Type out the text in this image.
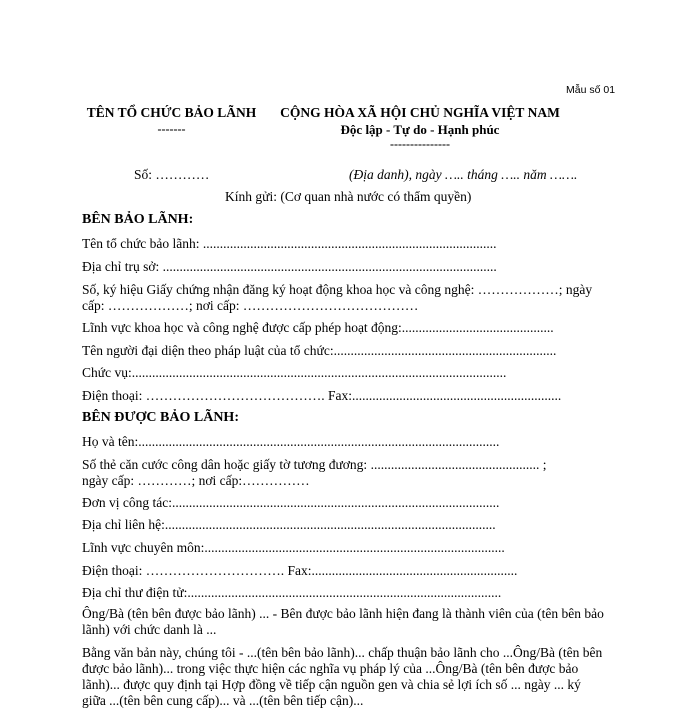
Mẫu số 01
TÊN TỔ CHỨC BẢO LÃNH
-------
CỘNG HÒA XÃ HỘI CHỦ NGHĨA VIỆT NAM
Độc lập - Tự do - Hạnh phúc
---------------
Số: …………	(Địa danh), ngày ….. tháng ….. năm …….
Kính gửi: (Cơ quan nhà nước có thẩm quyền)
BÊN BẢO LÃNH:
Tên tổ chức bảo lãnh: .......................................................................................
Địa chỉ trụ sở: ...................................................................................................
Số, ký hiệu Giấy chứng nhận đăng ký hoạt động khoa học và công nghệ: ………………; ngày
cấp: ………………; nơi cấp: …………………………………
Lĩnh vực khoa học và công nghệ được cấp phép hoạt động:.............................................
Tên người đại diện theo pháp luật của tổ chức:..................................................................
Chức vụ:...............................................................................................................
Điện thoại: …………………………………. Fax:..............................................................
BÊN ĐƯỢC BẢO LÃNH:
Họ và tên:...........................................................................................................
Số thẻ căn cước công dân hoặc giấy tờ tương đương: .................................................. ;
ngày cấp: …………; nơi cấp:……………
Đơn vị công tác:.................................................................................................
Địa chỉ liên hệ:..................................................................................................
Lĩnh vực chuyên môn:.........................................................................................
Điện thoại: …………………………. Fax:.............................................................
Địa chỉ thư điện tử:.............................................................................................
Ông/Bà (tên bên được bảo lãnh) ... - Bên được bảo lãnh hiện đang là thành viên của (tên bên bảo lãnh) với chức danh là ...
Bằng văn bản này, chúng tôi - ...(tên bên bảo lãnh)... chấp thuận bảo lãnh cho ...Ông/Bà (tên bên được bảo lãnh)... trong việc thực hiện các nghĩa vụ pháp lý của ...Ông/Bà (tên bên được bảo lãnh)... được quy định tại Hợp đồng về tiếp cận nguồn gen và chia sẻ lợi ích số ... ngày ... ký giữa ...(tên bên cung cấp)... và ...(tên bên tiếp cận)...
